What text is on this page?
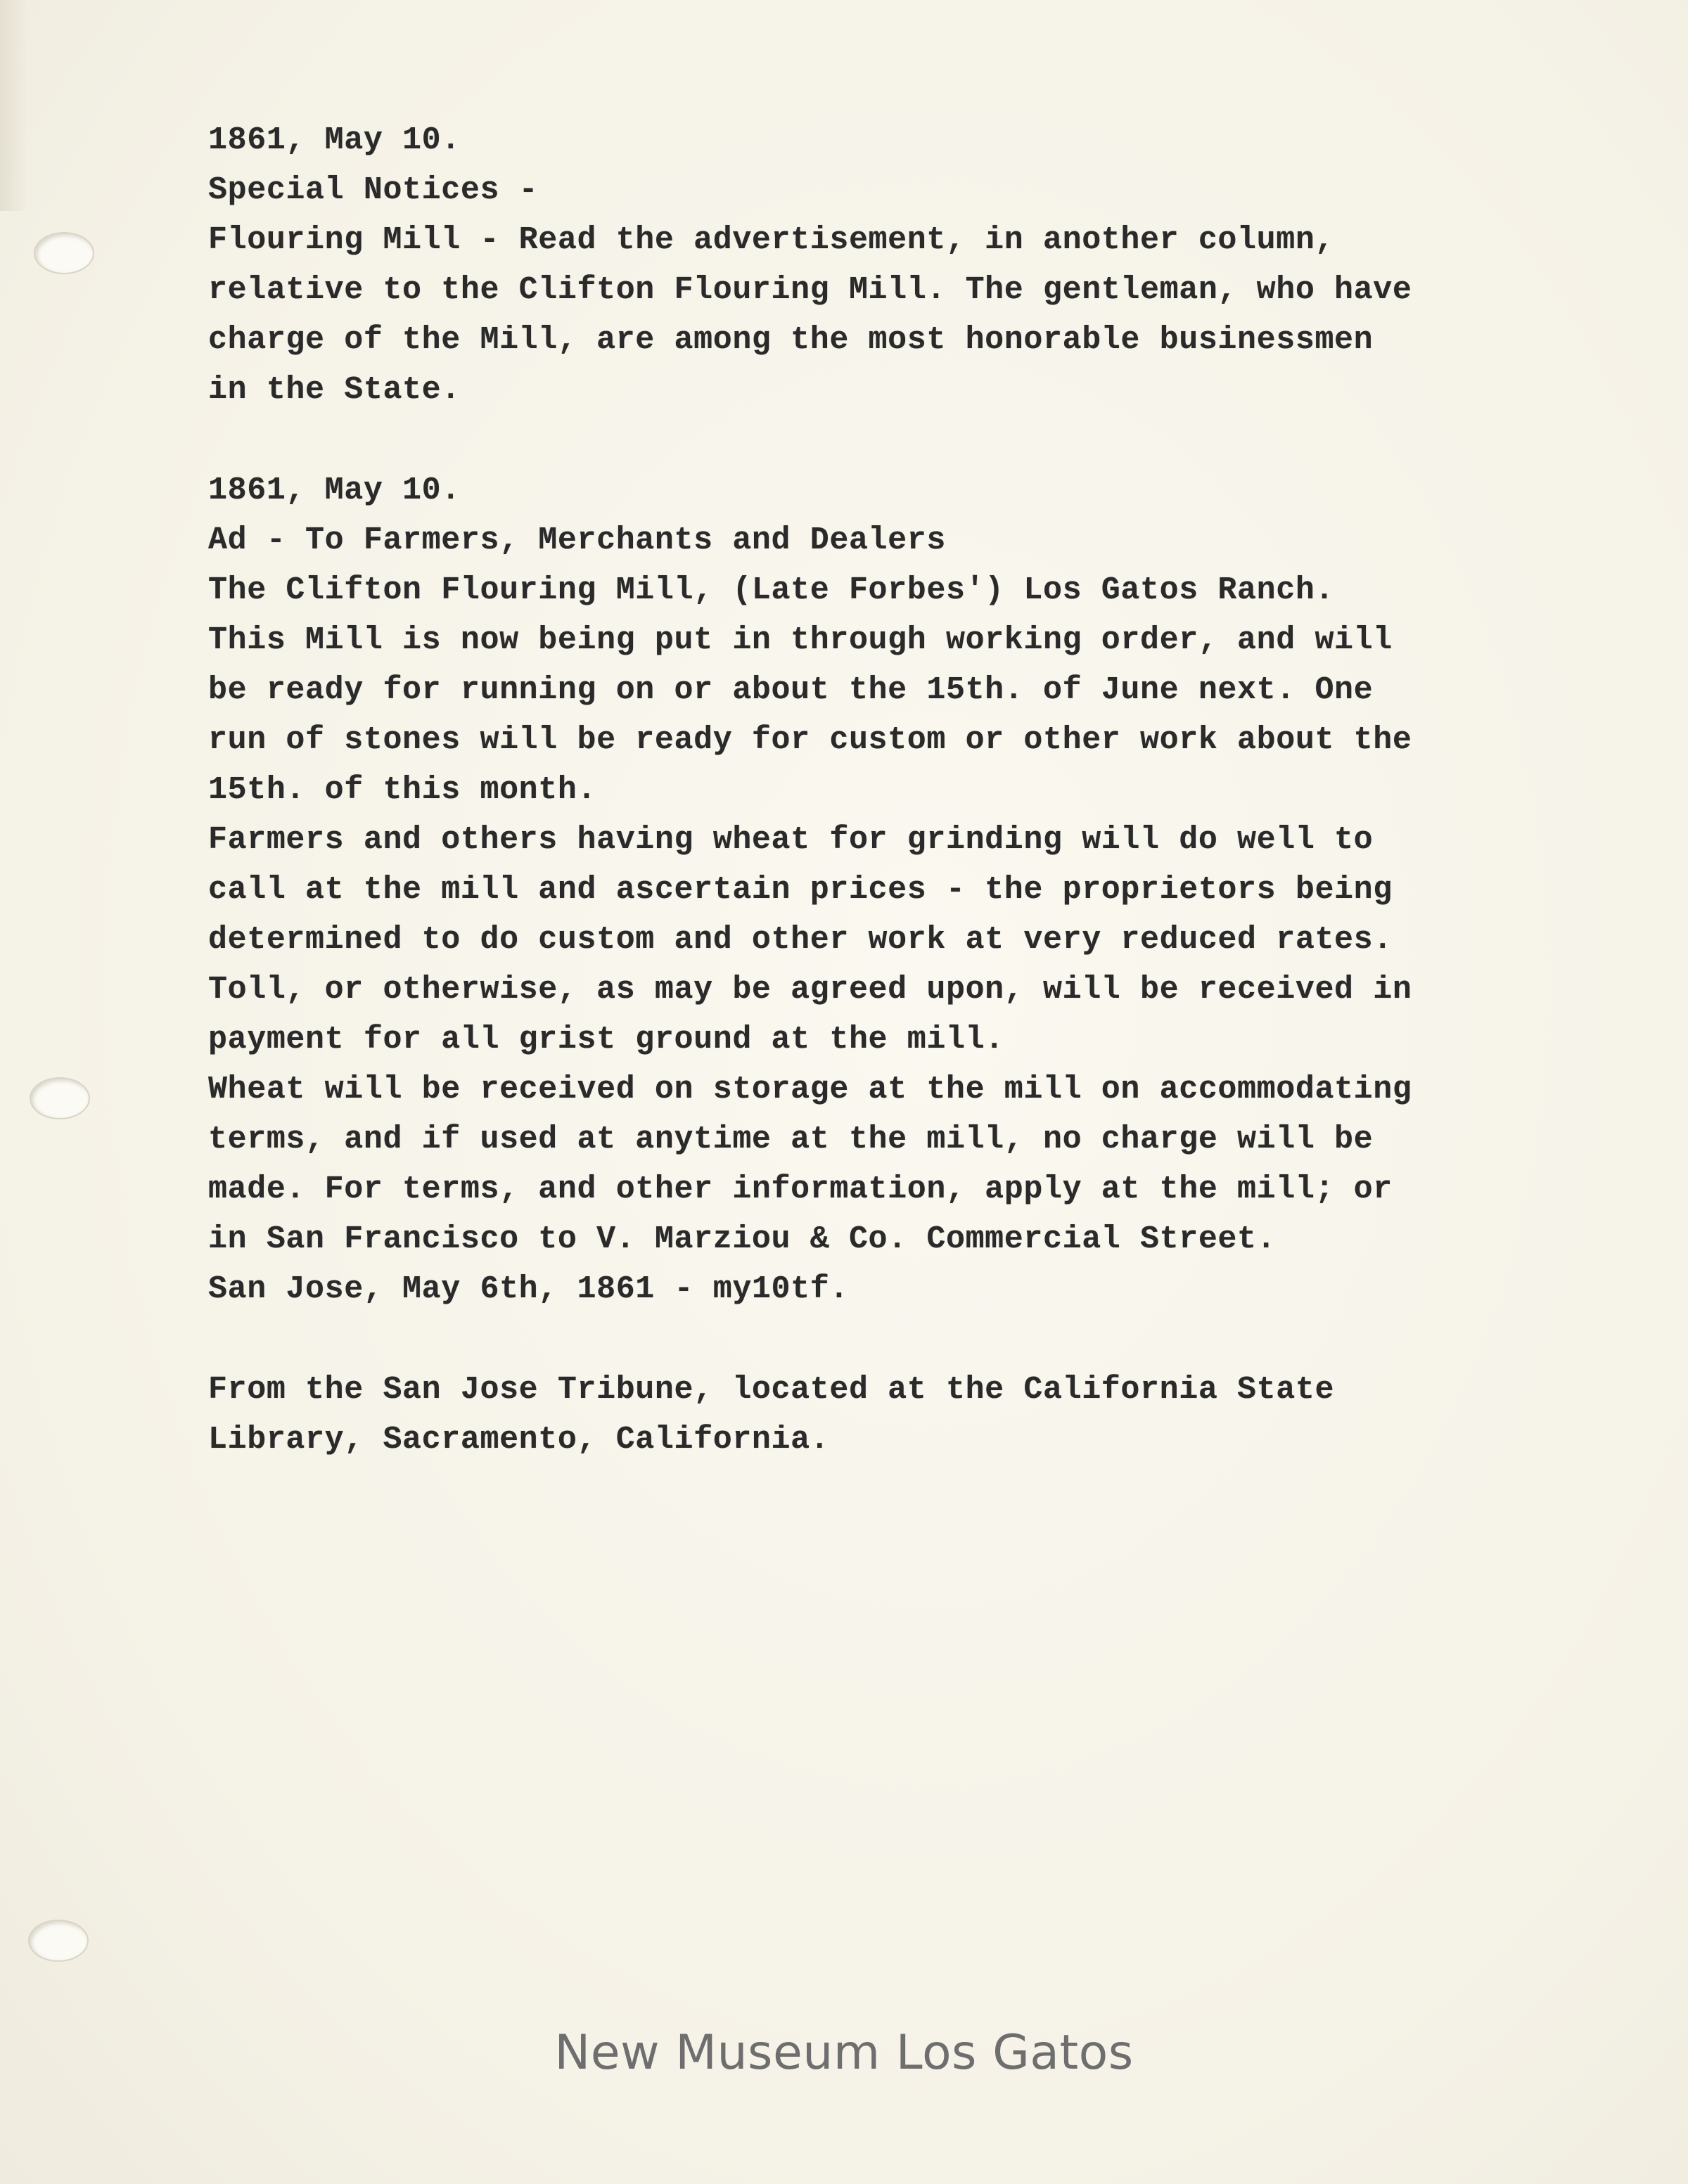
1861, May 10.
Special Notices -
Flouring Mill - Read the advertisement, in another column,
relative to the Clifton Flouring Mill. The gentleman, who have
charge of the Mill, are among the most honorable businessmen
in the State.
1861, May 10.
Ad - To Farmers, Merchants and Dealers
The Clifton Flouring Mill, (Late Forbes') Los Gatos Ranch.
This Mill is now being put in through working order, and will
be ready for running on or about the 15th. of June next. One
run of stones will be ready for custom or other work about the
15th. of this month.
Farmers and others having wheat for grinding will do well to
call at the mill and ascertain prices - the proprietors being
determined to do custom and other work at very reduced rates.
Toll, or otherwise, as may be agreed upon, will be received in
payment for all grist ground at the mill.
Wheat will be received on storage at the mill on accommodating
terms, and if used at anytime at the mill, no charge will be
made. For terms, and other information, apply at the mill; or
in San Francisco to V. Marziou & Co. Commercial Street.
San Jose, May 6th, 1861 - my10tf.
From the San Jose Tribune, located at the California State
Library, Sacramento, California.
New Museum Los Gatos
